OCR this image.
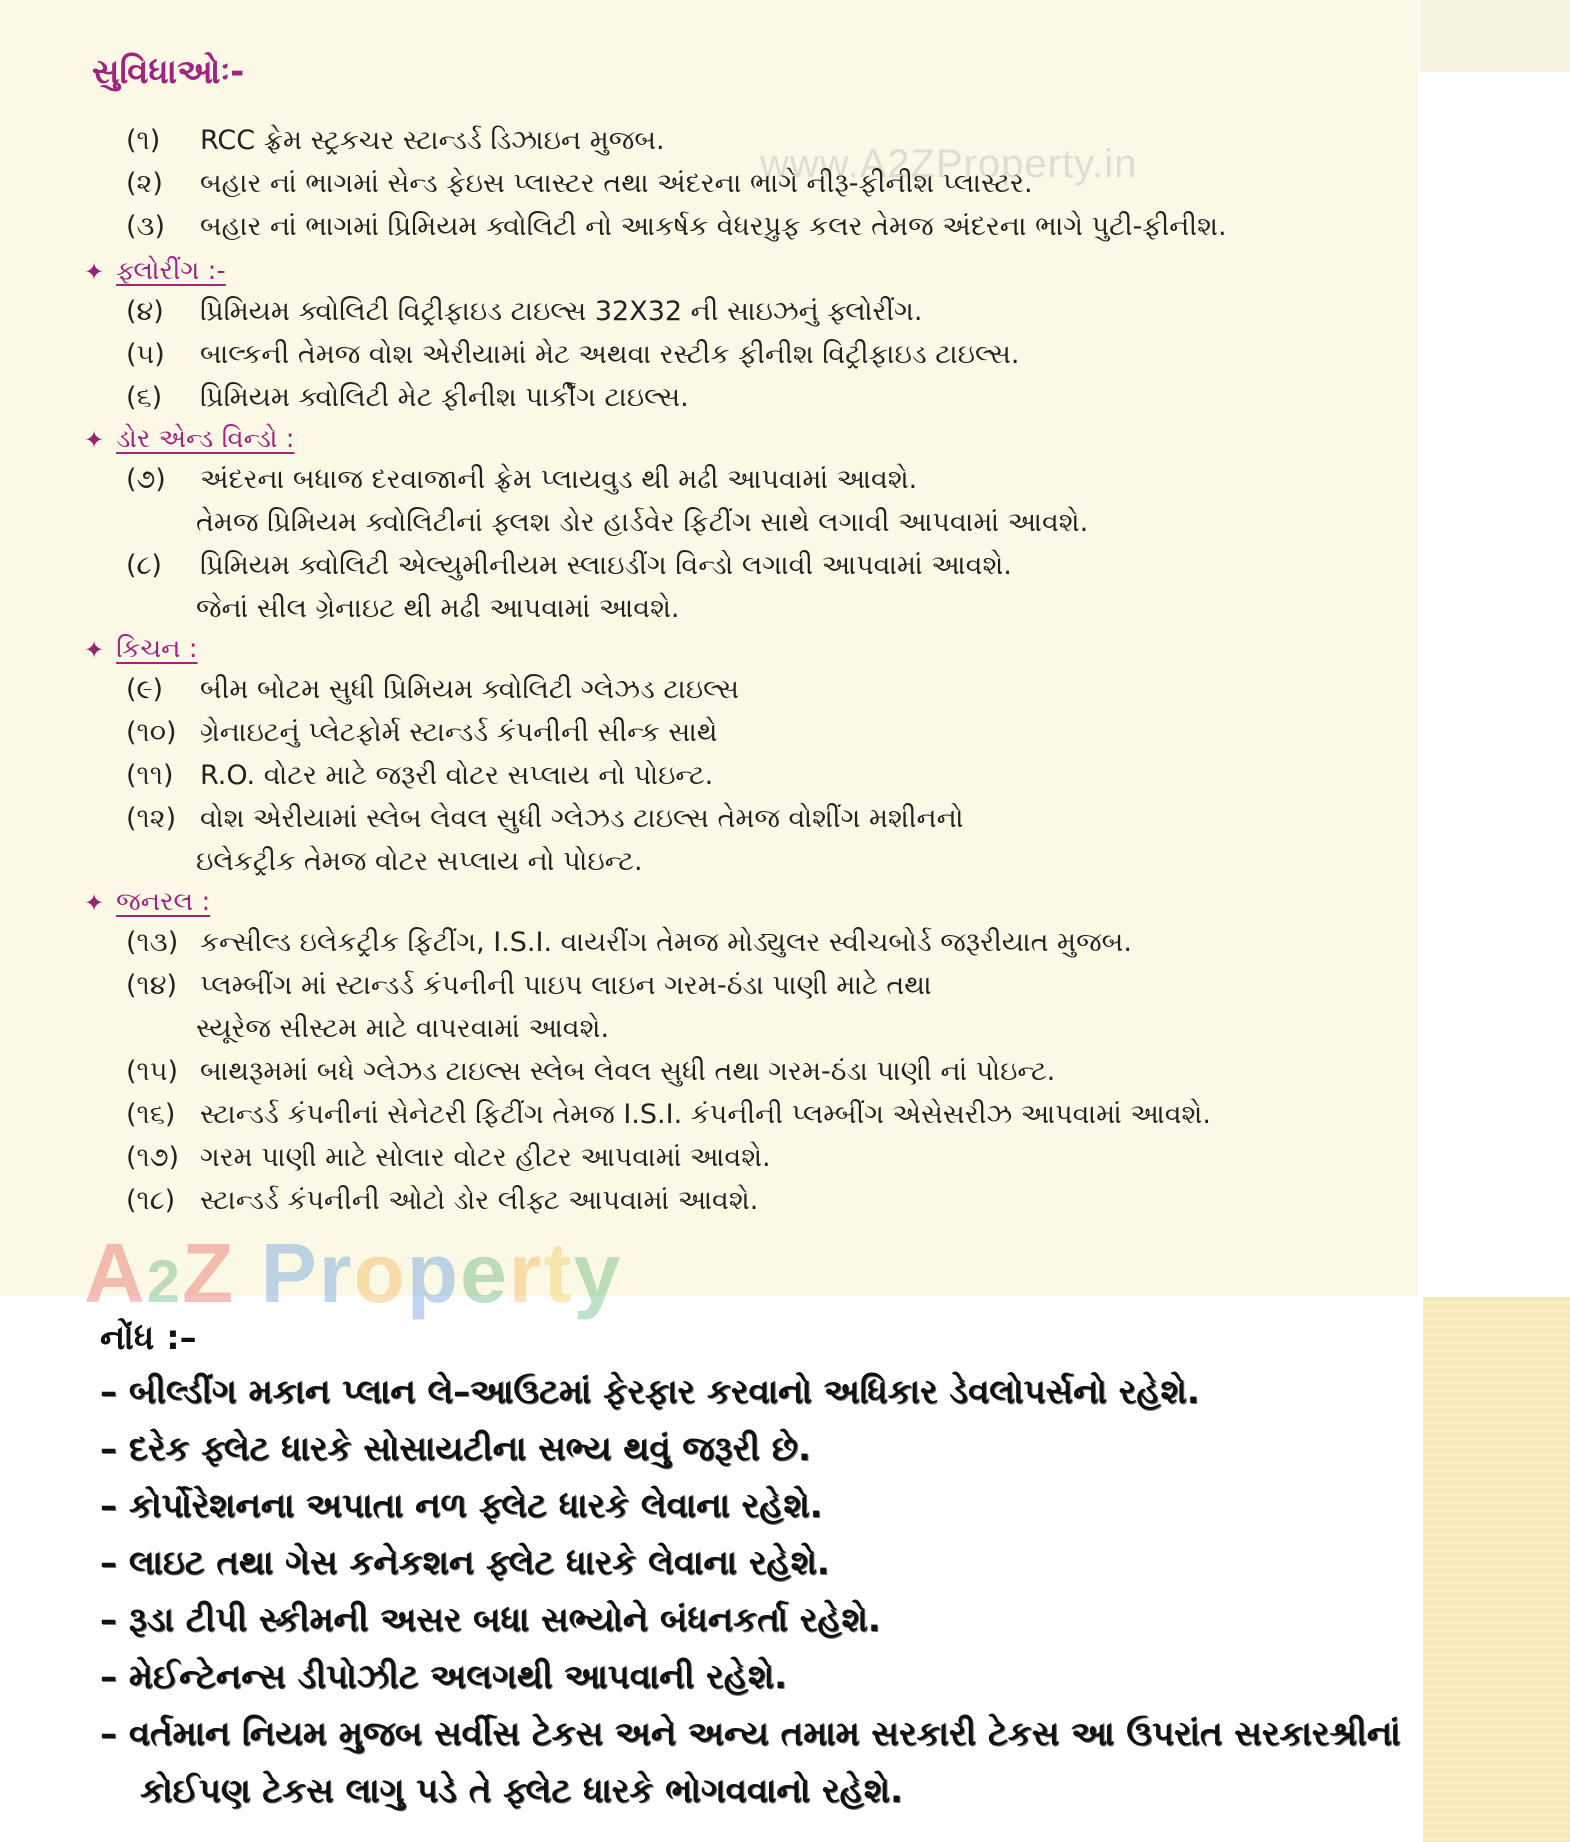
www.A2ZProperty.in
સુવિધાઓઃ-
(૧)	RCC ફ્રેમ સ્ટ્રકચર સ્ટાન્ડર્ડ ડિઝાઇન મુજબ.
(૨)	બહાર નાં ભાગમાં સેન્ડ ફેઇસ પ્લાસ્ટર તથા અંદરના ભાગે નીરૂ-ફીનીશ પ્લાસ્ટર.
(૩)	બહાર નાં ભાગમાં પ્રિમિયમ ક્વોલિટી નો આકર્ષક વેધરપ્રુફ કલર તેમજ અંદરના ભાગે પુટી-ફીનીશ.
✦ ફ્લોરીંગ :-
(૪)	પ્રિમિયમ ક્વોલિટી વિટ્રીફાઇડ ટાઇલ્સ 32X32 ની સાઇઝનું ફ્લોરીંગ.
(૫)	બાલ્કની તેમજ વોશ એરીયામાં મેટ અથવા રસ્ટીક ફીનીશ વિટ્રીફાઇડ ટાઇલ્સ.
(૬)	પ્રિમિયમ ક્વોલિટી મેટ ફીનીશ પાર્કીંગ ટાઇલ્સ.
✦ ડોર એન્ડ વિન્ડો :
(૭)	અંદરના બધાજ દરવાજાની ફ્રેમ પ્લાયવુડ થી મઢી આપવામાં આવશે.
તેમજ પ્રિમિયમ ક્વોલિટીનાં ફ્લશ ડોર હાર્ડવેર ફિટીંગ સાથે લગાવી આપવામાં આવશે.
(૮)	પ્રિમિયમ ક્વોલિટી એલ્યુમીનીયમ સ્લાઇડીંગ વિન્ડો લગાવી આપવામાં આવશે.
જેનાં સીલ ગ્રેનાઇટ થી મઢી આપવામાં આવશે.
✦ કિચન :
(૯)	બીમ બોટમ સુધી પ્રિમિયમ ક્વોલિટી ગ્લેઝડ ટાઇલ્સ
(૧૦) ગ્રેનાઇટનું પ્લેટફોર્મ સ્ટાન્ડર્ડ કંપનીની સીન્ક સાથે
(૧૧) R.O. વોટર માટે જરૂરી વોટર સપ્લાય નો પોઇન્ટ.
(૧૨) વોશ એરીયામાં સ્લેબ લેવલ સુધી ગ્લેઝડ ટાઇલ્સ તેમજ વોશીંગ મશીનનો
ઇલેકટ્રીક તેમજ વોટર સપ્લાય નો પોઇન્ટ.
✦ જનરલ :
(૧૩) કન્સીલ્ડ ઇલેકટ્રીક ફિટીંગ, I.S.I. વાયરીંગ તેમજ મોડ્યુલર સ્વીચબોર્ડ જરૂરીયાત મુજબ.
(૧૪) પ્લમ્બીંગ માં સ્ટાન્ડર્ડ કંપનીની પાઇપ લાઇન ગરમ-ઠંડા પાણી માટે તથા
સ્યૂરેજ સીસ્ટમ માટે વાપરવામાં આવશે.
(૧૫) બાથરૂમમાં બધે ગ્લેઝડ ટાઇલ્સ સ્લેબ લેવલ સુધી તથા ગરમ-ઠંડા પાણી નાં પોઇન્ટ.
(૧૬) સ્ટાન્ડર્ડ કંપનીનાં સેનેટરી ફિટીંગ તેમજ I.S.I. કંપનીની પ્લમ્બીંગ એસેસરીઝ આપવામાં આવશે.
(૧૭) ગરમ પાણી માટે સોલાર વોટર હીટર આપવામાં આવશે.
(૧૮) સ્ટાન્ડર્ડ કંપનીની ઓટો ડોર લીફ્ટ આપવામાં આવશે.
A2Z Property
નોંધ :–
– બીલ્ડીંગ મકાન પ્લાન લે–આઉટમાં ફેરફાર કરવાનો અધિકાર ડેવલોપર્સનો રહેશે.
– દરેક ફ્લેટ ધારકે સોસાયટીના સભ્ય થવું જરૂરી છે.
– કોર્પોરેશનના અપાતા નળ ફ્લેટ ધારકે લેવાના રહેશે.
– લાઇટ તથા ગેસ કનેકશન ફ્લેટ ધારકે લેવાના રહેશે.
– રૂડા ટીપી સ્કીમની અસર બધા સભ્યોને બંધનકર્તા રહેશે.
– મેઈન્ટેનન્સ ડીપોઝીટ અલગથી આપવાની રહેશે.
– વર્તમાન નિયમ મુજબ સર્વીસ ટેકસ અને અન્ય તમામ સરકારી ટેકસ આ ઉપરાંત સરકારશ્રીનાં
કોઈપણ ટેકસ લાગુ પડે તે ફ્લેટ ધારકે ભોગવવાનો રહેશે.
